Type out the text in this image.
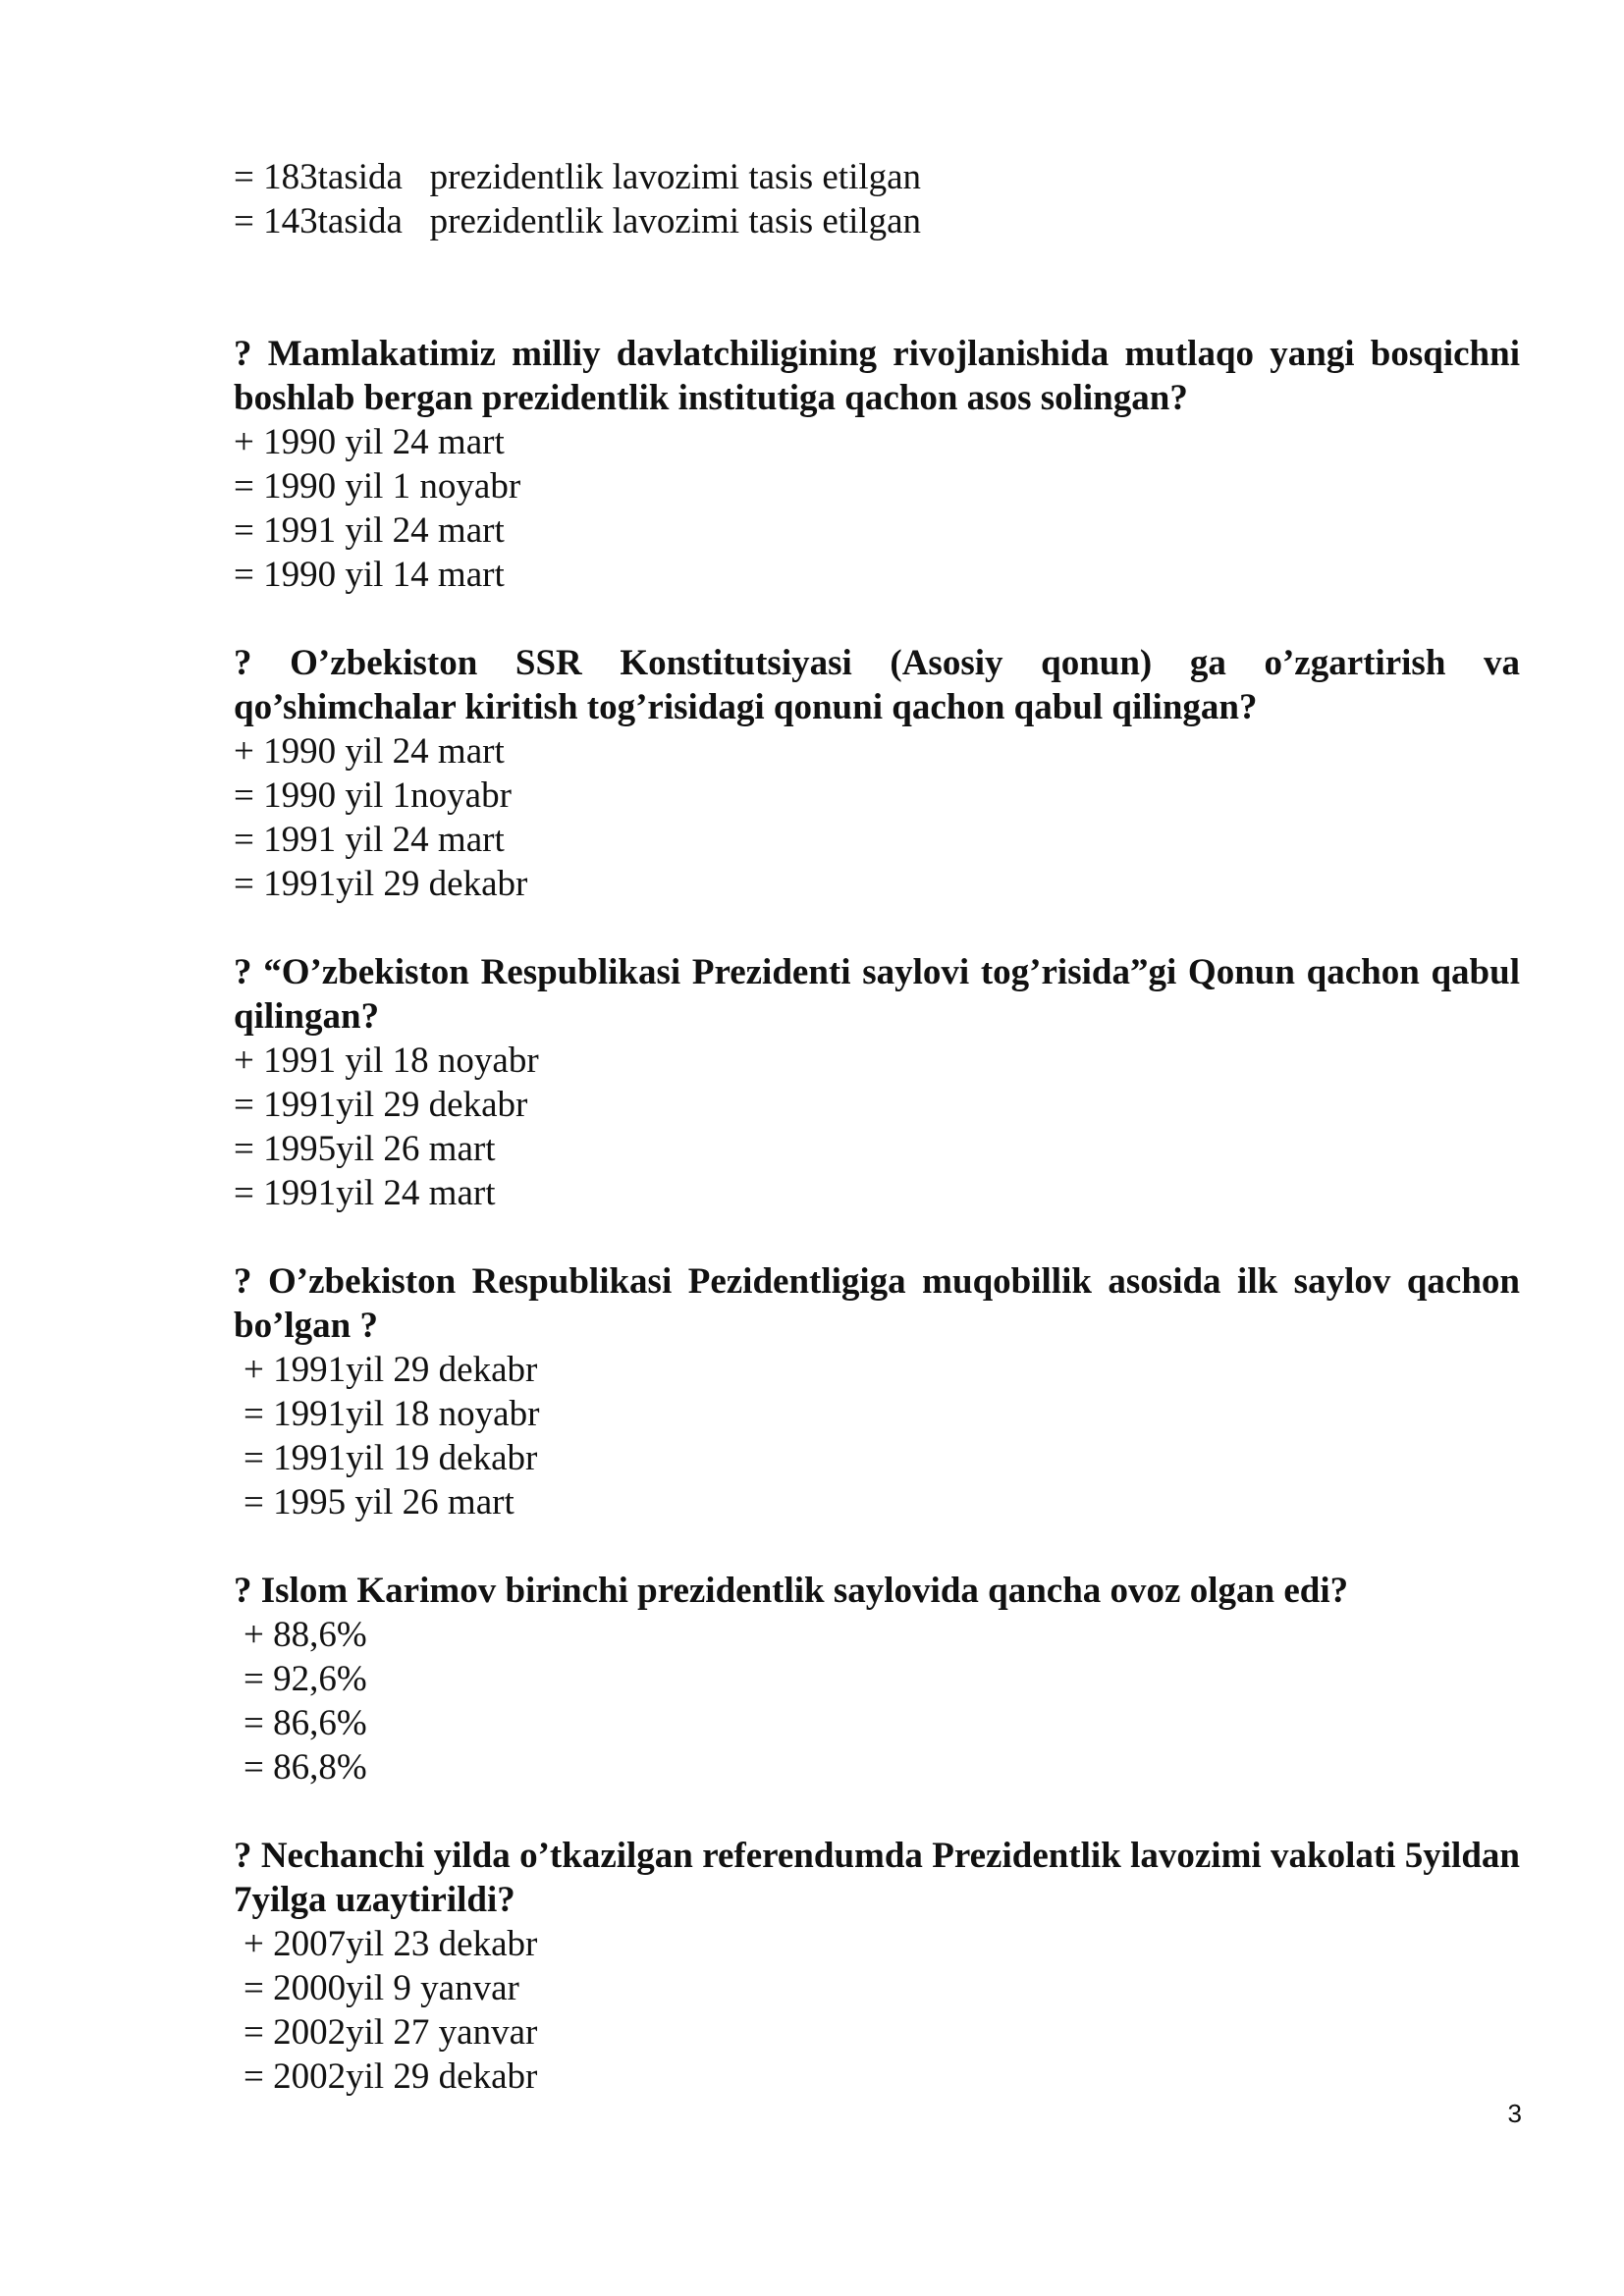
= 183tasida   prezidentlik lavozimi tasis etilgan

= 143tasida   prezidentlik lavozimi tasis etilgan

? Mamlakatimiz milliy davlatchiligining rivojlanishida mutlaqo yangi bosqichni boshlab bergan prezidentlik institutiga qachon asos solingan?

+ 1990 yil 24 mart

= 1990 yil 1 noyabr

= 1991 yil 24 mart

= 1990 yil 14 mart

? O’zbekiston SSR Konstitutsiyasi (Asosiy qonun) ga o’zgartirish va qo’shimchalar kiritish tog’risidagi qonuni qachon qabul qilingan?

+ 1990 yil 24 mart

= 1990 yil 1noyabr

= 1991 yil 24 mart

= 1991yil 29 dekabr

? “O’zbekiston Respublikasi Prezidenti saylovi tog’risida”gi Qonun qachon qabul qilingan?

+ 1991 yil 18 noyabr

= 1991yil 29 dekabr

= 1995yil 26 mart

= 1991yil 24 mart

? O’zbekiston Respublikasi Pezidentligiga muqobillik asosida ilk saylov qachon bo’lgan ?

+ 1991yil 29 dekabr

= 1991yil 18 noyabr

= 1991yil 19 dekabr

= 1995 yil 26 mart

? Islom Karimov birinchi prezidentlik saylovida qancha ovoz olgan edi?

+ 88,6%

= 92,6%

= 86,6%

= 86,8%

? Nechanchi yilda o’tkazilgan referendumda Prezidentlik lavozimi vakolati 5yildan 7yilga uzaytirildi?

+ 2007yil 23 dekabr

= 2000yil 9 yanvar

= 2002yil 27 yanvar

= 2002yil 29 dekabr

3
